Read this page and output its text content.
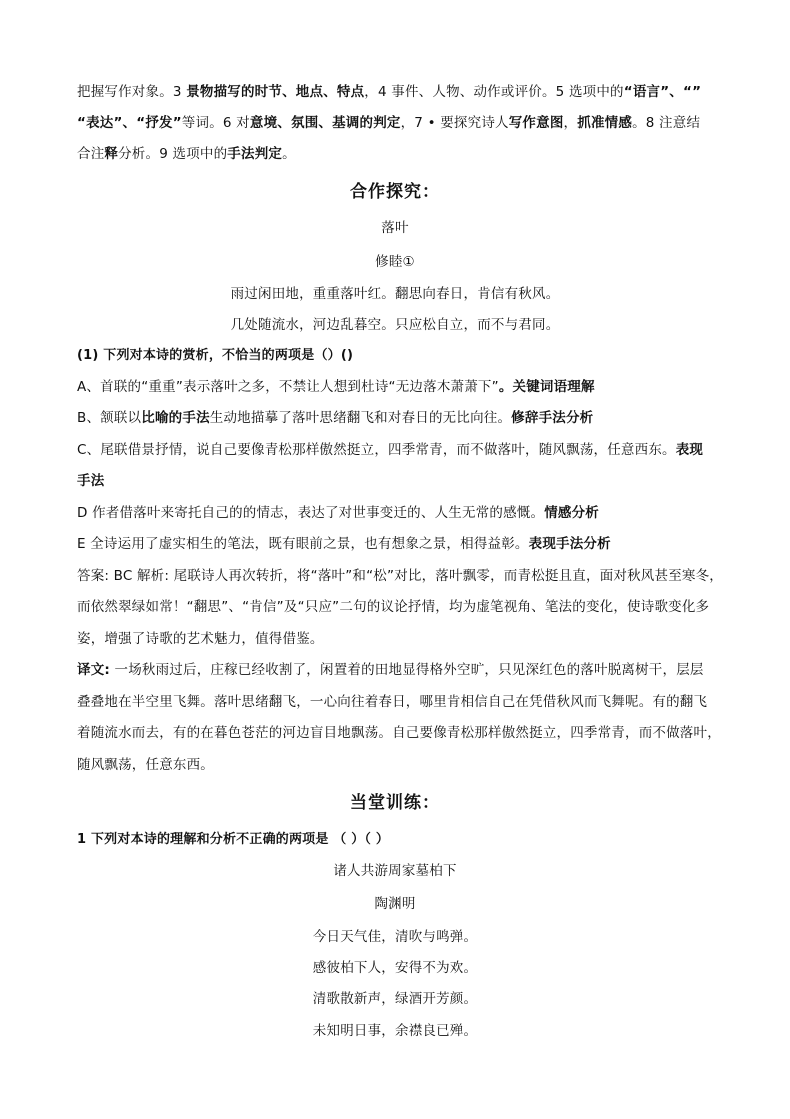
把握写作对象。3 景物描写的时节、地点、特点，4 事件、人物、动作或评价。5 选项中的“语言”、“”
“表达”、“抒发”等词。6 对意境、氛围、基调的判定，7 • 要探究诗人写作意图，抓准情感。8 注意结
合注释分析。9 选项中的手法判定。
合作探究：
落叶
修睦①
雨过闲田地，重重落叶红。翻思向春日，肯信有秋风。
几处随流水，河边乱暮空。只应松自立，而不与君同。
(1) 下列对本诗的赏析，不恰当的两项是（）()
A、首联的“重重”表示落叶之多，不禁让人想到杜诗“无边落木萧萧下”。关键词语理解
B、颔联以比喻的手法生动地描摹了落叶思绪翻飞和对春日的无比向往。修辞手法分析
C、尾联借景抒情，说自己要像青松那样傲然挺立，四季常青，而不做落叶，随风飘荡，任意西东。表现
手法
D 作者借落叶来寄托自己的的情志，表达了对世事变迁的、人生无常的感慨。情感分析
E 全诗运用了虚实相生的笔法，既有眼前之景，也有想象之景，相得益彰。表现手法分析
答案: BC 解析: 尾联诗人再次转折，将“落叶”和“松”对比，落叶飘零，而青松挺且直，面对秋风甚至寒冬，
而依然翠绿如常！“翻思”、“肯信”及“只应”二句的议论抒情，均为虚笔视角、笔法的变化，使诗歌变化多
姿，增强了诗歌的艺术魅力，值得借鉴。
译文: 一场秋雨过后，庄稼已经收割了，闲置着的田地显得格外空旷，只见深红色的落叶脱离树干，层层
叠叠地在半空里飞舞。落叶思绪翻飞，一心向往着春日，哪里肯相信自己在凭借秋风而飞舞呢。有的翻飞
着随流水而去，有的在暮色苍茫的河边盲目地飘荡。自己要像青松那样傲然挺立，四季常青，而不做落叶，
随风飘荡，任意东西。
当堂训练：
1 下列对本诗的理解和分析不正确的两项是 （ ）（ ）
诸人共游周家墓柏下
陶渊明
今日天气佳，清吹与鸣弹。
感彼柏下人，安得不为欢。
清歌散新声，绿酒开芳颜。
未知明日事，余襟良已殚。
